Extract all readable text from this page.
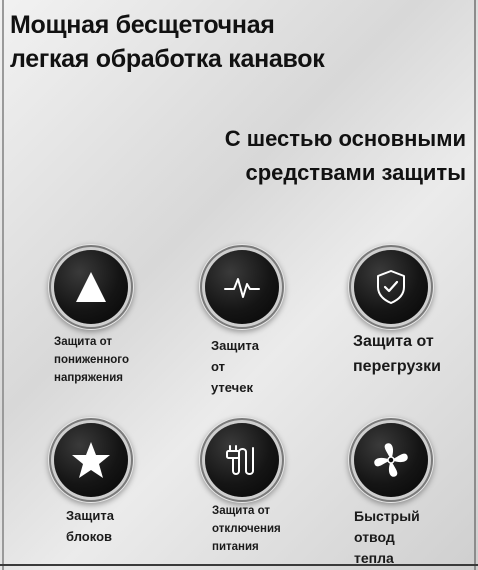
Мощная бесщеточная
легкая обработка канавок
С шестью основными
средствами защиты
Защита от
пониженного
напряжения
Защита от
утечек
Защита от
перегрузки
Защита
блоков
Защита от
отключения
питания
Быстрый
отвод тепла
